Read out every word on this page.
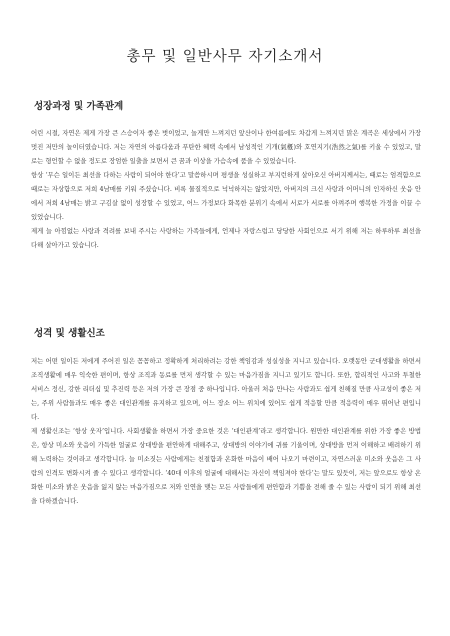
총무 및 일반사무 자기소개서
성장과정 및 가족관계

어린 시절, 자연은 제게 가장 큰 스승이자 좋은 벗이었고, 놀게만 느껴지던 앞산이나 한여름에도 차갑게 느껴지던 맑은 계곡은 세상에서 가장 멋진 저만의 놀이터였습니다. 저는 자연의 아름다움과 푸탄한 혜택 속에서 남성적인 기개(氣槪)와 호연지기(浩然之氣)를 키울 수 있었고, 말로는 형언할 수 없을 정도로 장엄한 일출을 보면서 큰 꿈과 이상을 가슴속에 품을 수 있었습니다.

항상 ‘무슨 일이든 최선을 다하는 사람이 되어야 한다’고 말씀하시며 평생을 성실하고 부지런하게 살아오신 아버지께서는, 때로는 엄격함으로 때로는 자상함으로 저희 4남매를 키워 주셨습니다. 비록 물질적으로 넉넉하지는 않았지만, 아버지의 크신 사랑과 어머니의 인자하신 웃음 안에서 저희 4남매는 밝고 구김살 없이 성장할 수 있었고, 어느 가정보다 화목한 분위기 속에서 서로가 서로를 아껴주며 행복한 가정을 이끌 수 있었습니다.

제게 늘 아낌없는 사랑과 격려를 보내 주시는 사랑하는 가족들에게, 언제나 자랑스럽고 당당한 사회인으로 서기 위해 저는 하루하루 최선을 다해 살아가고 있습니다.

성격 및 생활신조

저는 어떤 일이든 저에게 주어진 일은 꼼꼼하고 정확하게 처리하려는 강한 책임감과 성실성을 지니고 있습니다. 오랫동안 군대생활을 하면서 조직생활에 매우 익숙한 편이며, 항상 조직과 동료를 먼저 생각할 수 있는 마음가짐을 지니고 있기도 합니다. 또한, 합리적인 사고와 투철한 서비스 정신, 강한 리더십 및 추진력 등은 저의 가장 큰 장점 중 하나입니다. 아울러 처음 만나는 사람과도 쉽게 친해질 만큼 사교성이 좋은 저는, 주위 사람들과도 매우 좋은 대인관계를 유지하고 있으며, 어느 장소 어느 위치에 있어도 쉽게 적응할 만큼 적응력이 매우 뛰어난 편입니다.

제 생활신조는 ‘항상 웃자’입니다. 사회생활을 하면서 가장 중요한 것은 ‘대인관계’라고 생각합니다. 원만한 대인관계를 위한 가장 좋은 방법은, 항상 미소와 웃음이 가득한 얼굴로 상대방을 편안하게 대해주고, 상대방의 이야기에 귀를 기울이며, 상대방을 먼저 이해하고 배려하기 위해 노력하는 것이라고 생각합니다. 늘 미소짓는 사람에게는 친절함과 온화한 마음이 배어 나오기 마련이고, 자연스러운 미소와 웃음은 그 사람의 인격도 변화시켜 줄 수 있다고 생각합니다. ‘40대 이후의 얼굴에 대해서는 자신이 책임져야 한다’는 말도 있듯이, 저는 앞으로도 항상 온화한 미소와 밝은 웃음을 잃지 않는 마음가짐으로 저와 인연을 맺는 모든 사람들에게 편안함과 기쁨을 전해 줄 수 있는 사람이 되기 위해 최선을 다하겠습니다.
